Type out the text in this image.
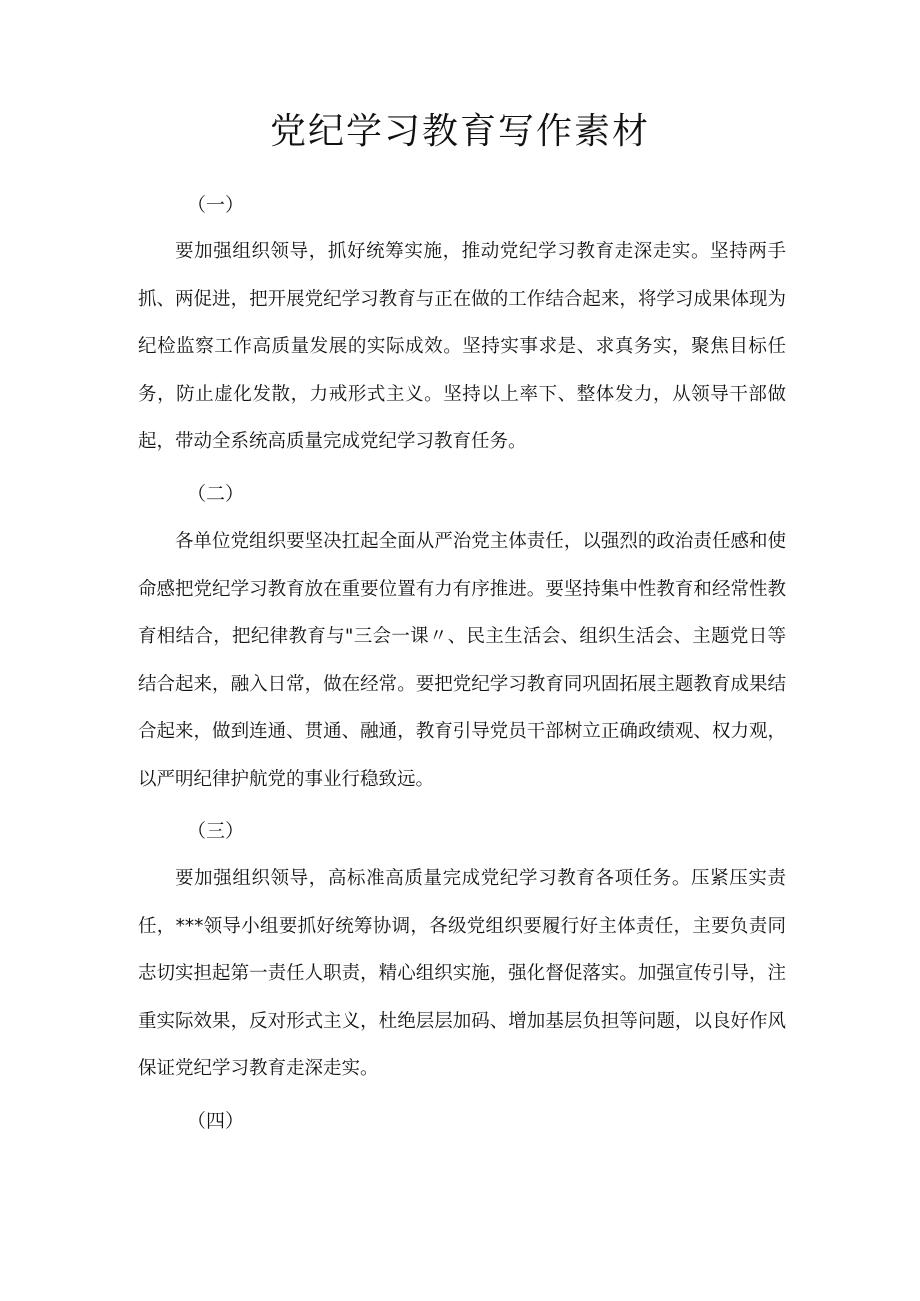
党纪学习教育写作素材
（一）

要加强组织领导，抓好统筹实施，推动党纪学习教育走深走实。坚持两手抓、两促进，把开展党纪学习教育与正在做的工作结合起来，将学习成果体现为纪检监察工作高质量发展的实际成效。坚持实事求是、求真务实，聚焦目标任务，防止虚化发散，力戒形式主义。坚持以上率下、整体发力，从领导干部做起，带动全系统高质量完成党纪学习教育任务。

（二）

各单位党组织要坚决扛起全面从严治党主体责任，以强烈的政治责任感和使命感把党纪学习教育放在重要位置有力有序推进。要坚持集中性教育和经常性教育相结合，把纪律教育与"三会一课〃、民主生活会、组织生活会、主题党日等结合起来，融入日常，做在经常。要把党纪学习教育同巩固拓展主题教育成果结合起来，做到连通、贯通、融通，教育引导党员干部树立正确政绩观、权力观，以严明纪律护航党的事业行稳致远。

（三）

要加强组织领导，高标准高质量完成党纪学习教育各项任务。压紧压实责任，***领导小组要抓好统筹协调，各级党组织要履行好主体责任，主要负责同志切实担起第一责任人职责，精心组织实施，强化督促落实。加强宣传引导，注重实际效果，反对形式主义，杜绝层层加码、增加基层负担等问题，以良好作风保证党纪学习教育走深走实。

（四）
